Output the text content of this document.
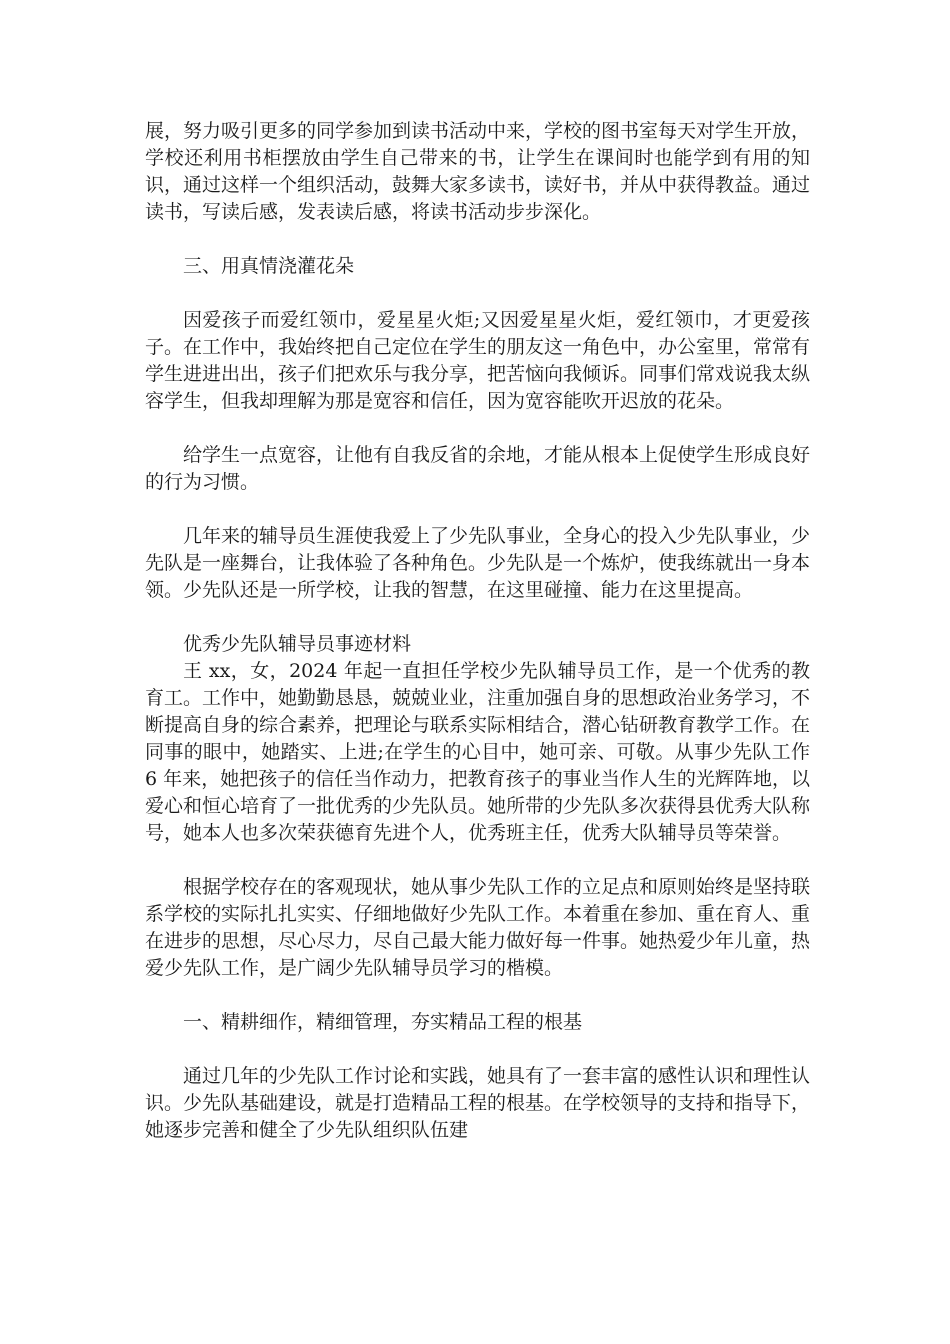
展，努力吸引更多的同学参加到读书活动中来，学校的图书室每天对学生开放，学校还利用书柜摆放由学生自己带来的书，让学生在课间时也能学到有用的知识，通过这样一个组织活动，鼓舞大家多读书，读好书，并从中获得教益。通过读书，写读后感，发表读后感，将读书活动步步深化。

三、用真情浇灌花朵

因爱孩子而爱红领巾，爱星星火炬;又因爱星星火炬，爱红领巾，才更爱孩子。在工作中，我始终把自己定位在学生的朋友这一角色中，办公室里，常常有学生进进出出，孩子们把欢乐与我分享，把苦恼向我倾诉。同事们常戏说我太纵容学生，但我却理解为那是宽容和信任，因为宽容能吹开迟放的花朵。

给学生一点宽容，让他有自我反省的余地，才能从根本上促使学生形成良好的行为习惯。

几年来的辅导员生涯使我爱上了少先队事业，全身心的投入少先队事业，少先队是一座舞台，让我体验了各种角色。少先队是一个炼炉，使我练就出一身本领。少先队还是一所学校，让我的智慧，在这里碰撞、能力在这里提高。

优秀少先队辅导员事迹材料

王 xx，女，2024 年起一直担任学校少先队辅导员工作，是一个优秀的教育工。工作中，她勤勤恳恳，兢兢业业，注重加强自身的思想政治业务学习，不断提高自身的综合素养，把理论与联系实际相结合，潜心钻研教育教学工作。在同事的眼中，她踏实、上进;在学生的心目中，她可亲、可敬。从事少先队工作 6 年来，她把孩子的信任当作动力，把教育孩子的事业当作人生的光辉阵地，以爱心和恒心培育了一批优秀的少先队员。她所带的少先队多次获得县优秀大队称号，她本人也多次荣获德育先进个人，优秀班主任，优秀大队辅导员等荣誉。

根据学校存在的客观现状，她从事少先队工作的立足点和原则始终是坚持联系学校的实际扎扎实实、仔细地做好少先队工作。本着重在参加、重在育人、重在进步的思想，尽心尽力，尽自己最大能力做好每一件事。她热爱少年儿童，热爱少先队工作，是广阔少先队辅导员学习的楷模。

一、精耕细作，精细管理，夯实精品工程的根基

通过几年的少先队工作讨论和实践，她具有了一套丰富的感性认识和理性认识。少先队基础建设，就是打造精品工程的根基。在学校领导的支持和指导下，她逐步完善和健全了少先队组织队伍建
